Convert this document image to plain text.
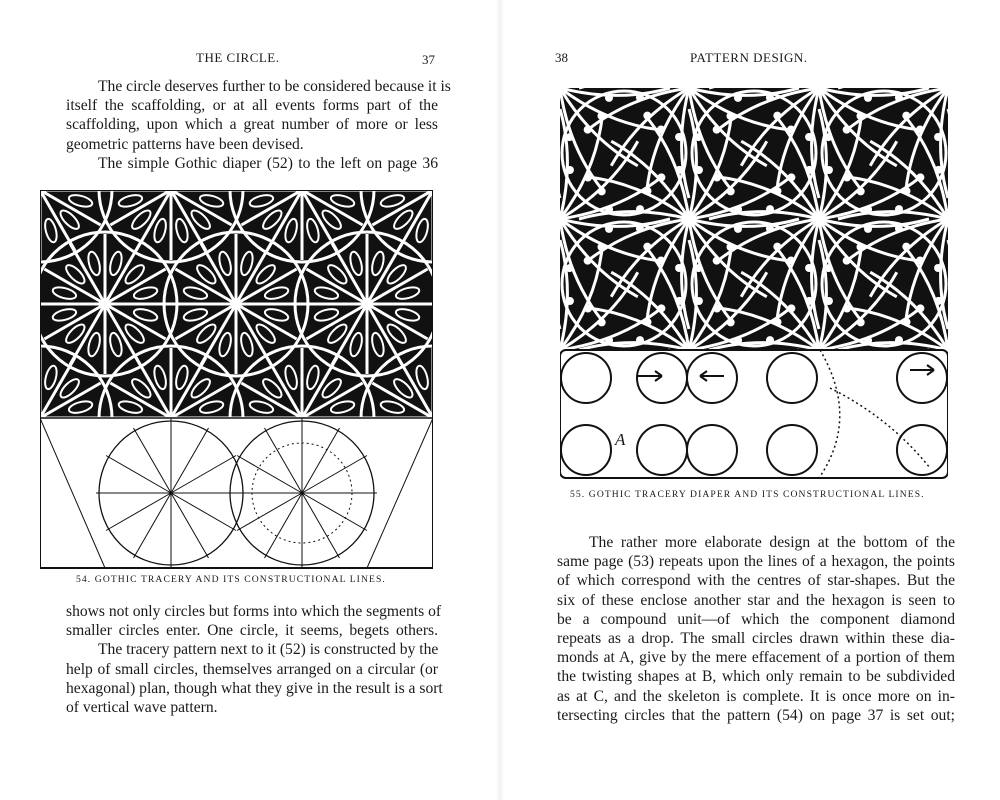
THE CIRCLE.	37
The circle deserves further to be considered because it is
itself the scaffolding, or at all events forms part of the
scaffolding, upon which a great number of more or less
geometric patterns have been devised.
The simple Gothic diaper (52) to the left on page 36
54. GOTHIC TRACERY AND ITS CONSTRUCTIONAL LINES.
shows not only circles but forms into which the segments of
smaller circles enter. One circle, it seems, begets others.
The tracery pattern next to it (52) is constructed by the
help of small circles, themselves arranged on a circular (or
hexagonal) plan, though what they give in the result is a sort
of vertical wave pattern.
38	PATTERN DESIGN.
A
55. GOTHIC TRACERY DIAPER AND ITS CONSTRUCTIONAL LINES.
The rather more elaborate design at the bottom of the
same page (53) repeats upon the lines of a hexagon, the points
of which correspond with the centres of star-shapes. But the
six of these enclose another star and the hexagon is seen to
be a compound unit—of which the component diamond
repeats as a drop. The small circles drawn within these dia-
monds at A, give by the mere effacement of a portion of them
the twisting shapes at B, which only remain to be subdivided
as at C, and the skeleton is complete. It is once more on in-
tersecting circles that the pattern (54) on page 37 is set out;
